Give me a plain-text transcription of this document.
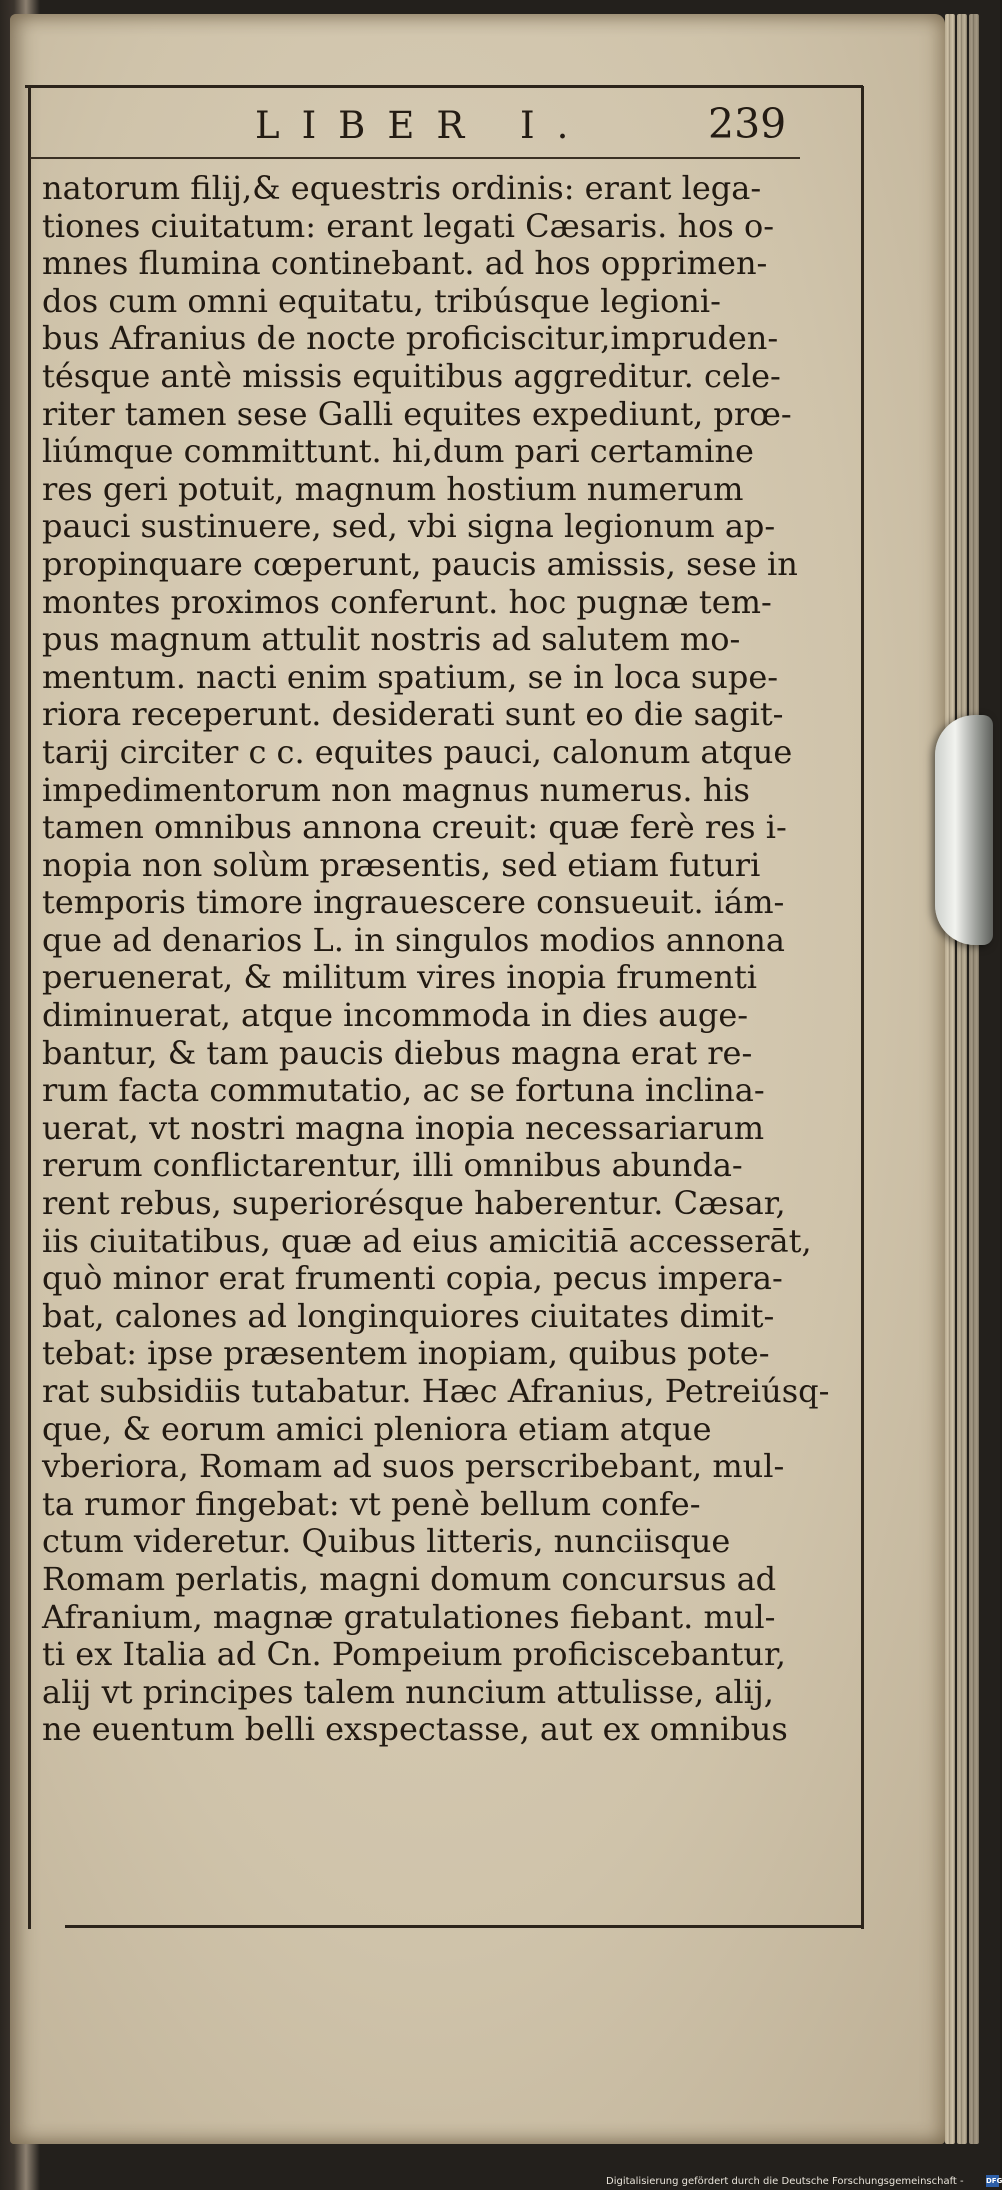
LIBER I.	239
natorum filij,& equestris ordinis: erant lega-
tiones ciuitatum: erant legati Cæsaris. hos o-
mnes flumina continebant. ad hos opprimen-
dos cum omni equitatu, tribúsque legioni-
bus Afranius de nocte proficiscitur,impruden-
tésque antè missis equitibus aggreditur. cele-
riter tamen sese Galli equites expediunt, prœ-
liúmque committunt. hi,dum pari certamine
res geri potuit, magnum hostium numerum
pauci sustinuere, sed, vbi signa legionum ap-
propinquare cœperunt, paucis amissis, sese in
montes proximos conferunt. hoc pugnæ tem-
pus magnum attulit nostris ad salutem mo-
mentum. nacti enim spatium, se in loca supe-
riora receperunt. desiderati sunt eo die sagit-
tarij circiter c c. equites pauci, calonum atque
impedimentorum non magnus numerus. his
tamen omnibus annona creuit: quæ ferè res i-
nopia non solùm præsentis, sed etiam futuri
temporis timore ingrauescere consueuit. iám-
que ad denarios L. in singulos modios annona
peruenerat, & militum vires inopia frumenti
diminuerat, atque incommoda in dies auge-
bantur, & tam paucis diebus magna erat re-
rum facta commutatio, ac se fortuna inclina-
uerat, vt nostri magna inopia necessariarum
rerum conflictarentur, illi omnibus abunda-
rent rebus, superiorésque haberentur. Cæsar,
iis ciuitatibus, quæ ad eius amicitiā accesserāt,
quò minor erat frumenti copia, pecus impera-
bat, calones ad longinquiores ciuitates dimit-
tebat: ipse præsentem inopiam, quibus pote-
rat subsidiis tutabatur. Hæc Afranius, Petreiúsq-
que, & eorum amici pleniora etiam atque
vberiora, Romam ad suos perscribebant, mul-
ta rumor fingebat: vt penè bellum confe-
ctum videretur. Quibus litteris, nunciisque
Romam perlatis, magni domum concursus ad
Afranium, magnæ gratulationes fiebant. mul-
ti ex Italia ad Cn. Pompeium proficiscebantur,
alij vt principes talem nuncium attulisse, alij,
ne euentum belli exspectasse, aut ex omnibus
Digitalisierung gefördert durch die Deutsche Forschungsgemeinschaft -	DFG
